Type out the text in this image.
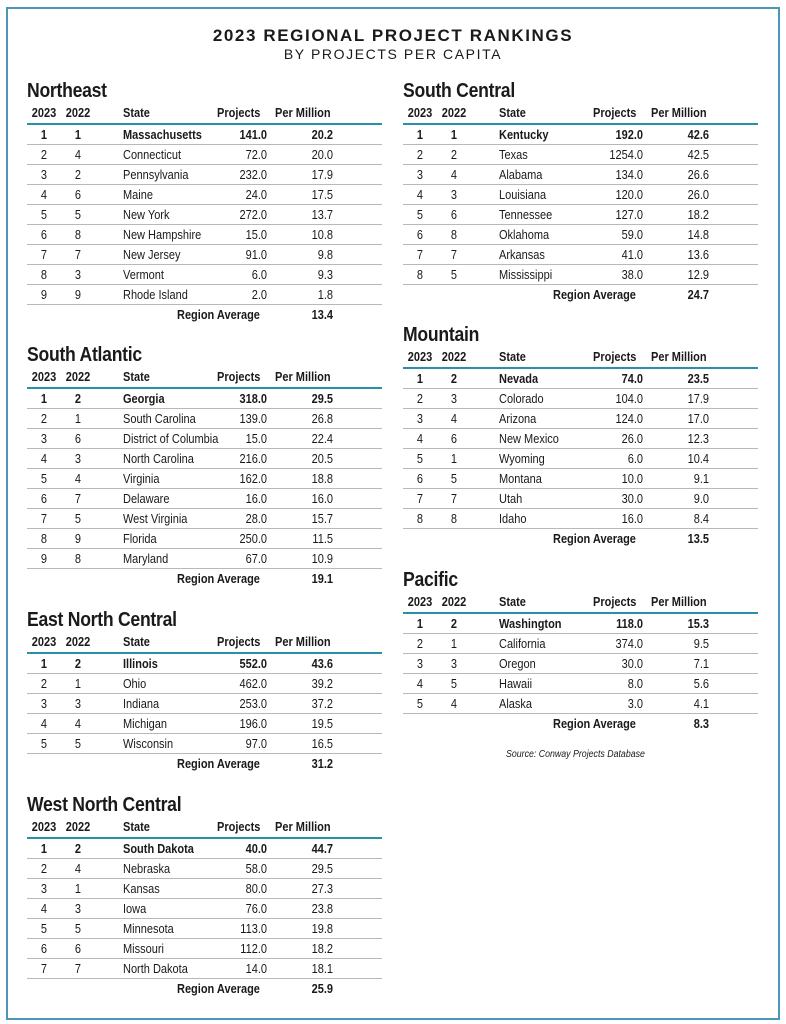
2023 REGIONAL PROJECT RANKINGS
BY PROJECTS PER CAPITA
Northeast
2023 2022	State	Projects	Per Million
1	1	Massachusetts	141.0	20.2
2	4	Connecticut	72.0	20.0
3	2	Pennsylvania	232.0	17.9
4	6	Maine	24.0	17.5
5	5	New York	272.0	13.7
6	8	New Hampshire	15.0	10.8
7	7	New Jersey	91.0	9.8
8	3	Vermont	6.0	9.3
9	9	Rhode Island	2.0	1.8
Region Average	13.4
South Atlantic
2023 2022	State	Projects	Per Million
1	2	Georgia	318.0	29.5
2	1	South Carolina	139.0	26.8
3	6	District of Columbia	15.0	22.4
4	3	North Carolina	216.0	20.5
5	4	Virginia	162.0	18.8
6	7	Delaware	16.0	16.0
7	5	West Virginia	28.0	15.7
8	9	Florida	250.0	11.5
9	8	Maryland	67.0	10.9
Region Average	19.1
East North Central
2023 2022	State	Projects	Per Million
1	2	Illinois	552.0	43.6
2	1	Ohio	462.0	39.2
3	3	Indiana	253.0	37.2
4	4	Michigan	196.0	19.5
5	5	Wisconsin	97.0	16.5
Region Average	31.2
West North Central
2023 2022	State	Projects	Per Million
1	2	South Dakota	40.0	44.7
2	4	Nebraska	58.0	29.5
3	1	Kansas	80.0	27.3
4	3	Iowa	76.0	23.8
5	5	Minnesota	113.0	19.8
6	6	Missouri	112.0	18.2
7	7	North Dakota	14.0	18.1
Region Average	25.9
South Central
2023 2022	State	Projects	Per Million
1	1	Kentucky	192.0	42.6
2	2	Texas	1254.0	42.5
3	4	Alabama	134.0	26.6
4	3	Louisiana	120.0	26.0
5	6	Tennessee	127.0	18.2
6	8	Oklahoma	59.0	14.8
7	7	Arkansas	41.0	13.6
8	5	Mississippi	38.0	12.9
Region Average	24.7
Mountain
2023 2022	State	Projects	Per Million
1	2	Nevada	74.0	23.5
2	3	Colorado	104.0	17.9
3	4	Arizona	124.0	17.0
4	6	New Mexico	26.0	12.3
5	1	Wyoming	6.0	10.4
6	5	Montana	10.0	9.1
7	7	Utah	30.0	9.0
8	8	Idaho	16.0	8.4
Region Average	13.5
Pacific
2023 2022	State	Projects	Per Million
1	2	Washington	118.0	15.3
2	1	California	374.0	9.5
3	3	Oregon	30.0	7.1
4	5	Hawaii	8.0	5.6
5	4	Alaska	3.0	4.1
Region Average	8.3
Source: Conway Projects Database
